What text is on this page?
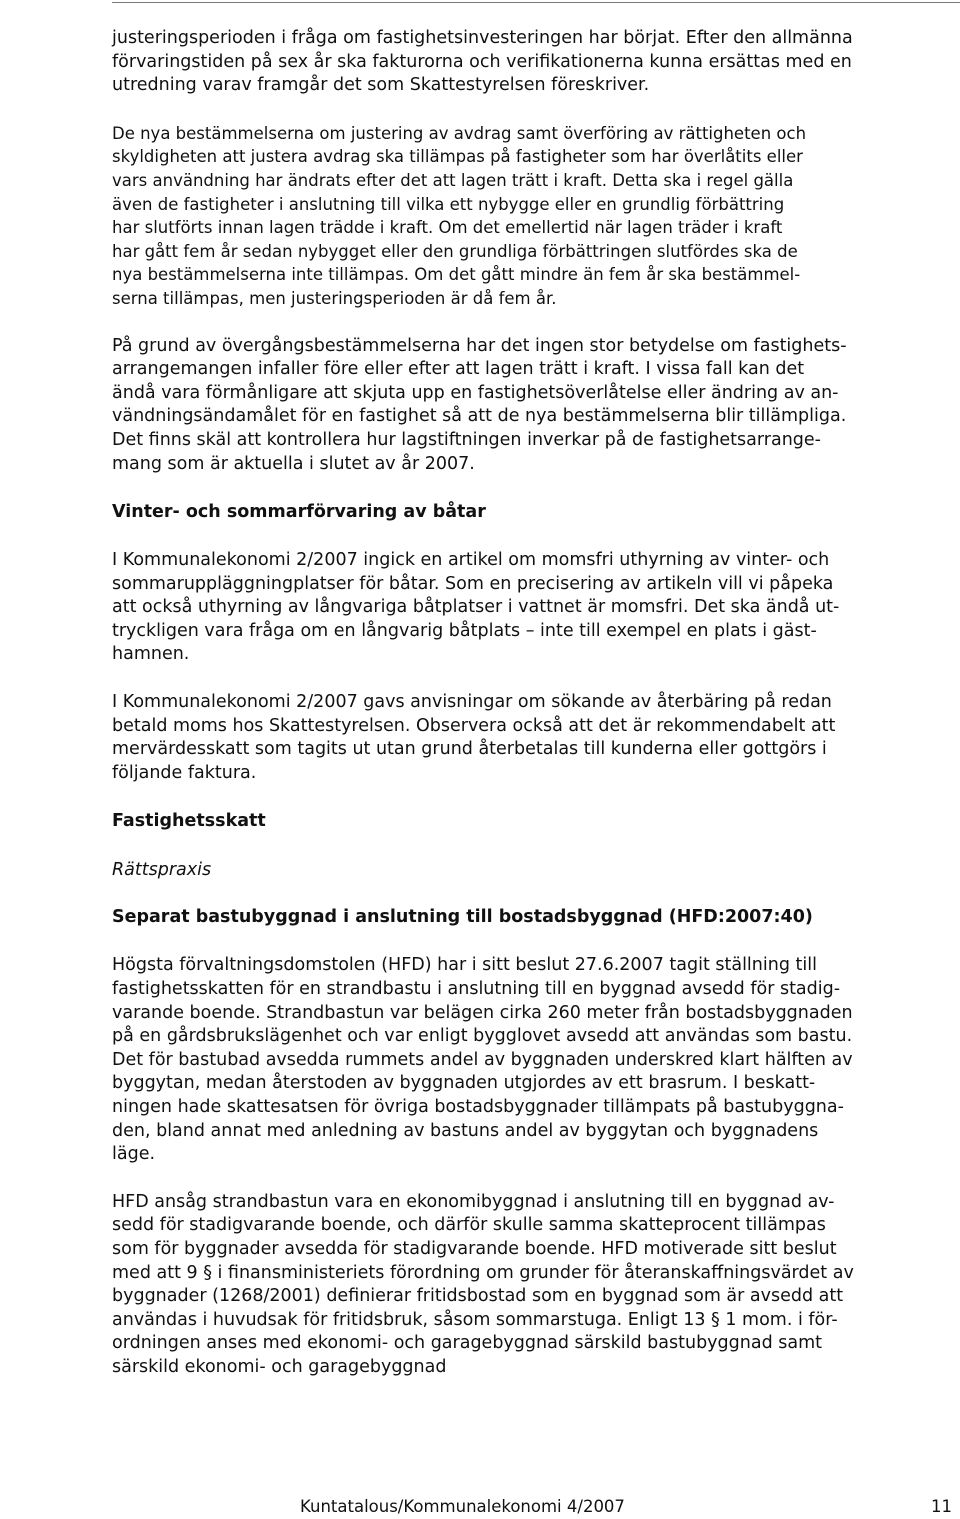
justeringsperioden i fråga om fastighetsinvesteringen har börjat. Efter den allmänna
förvaringstiden på sex år ska fakturorna och verifikationerna kunna ersättas med en
utredning varav framgår det som Skattestyrelsen föreskriver.

De nya bestämmelserna om justering av avdrag samt överföring av rättigheten och
skyldigheten att justera avdrag ska tillämpas på fastigheter som har överlåtits eller
vars användning har ändrats efter det att lagen trätt i kraft. Detta ska i regel gälla
även de fastigheter i anslutning till vilka ett nybygge eller en grundlig förbättring
har slutförts innan lagen trädde i kraft. Om det emellertid när lagen träder i kraft
har gått fem år sedan nybygget eller den grundliga förbättringen slutfördes ska de
nya bestämmelserna inte tillämpas. Om det gått mindre än fem år ska bestämmel-
serna tillämpas, men justeringsperioden är då fem år.

På grund av övergångsbestämmelserna har det ingen stor betydelse om fastighets-
arrangemangen infaller före eller efter att lagen trätt i kraft. I vissa fall kan det
ändå vara förmånligare att skjuta upp en fastighetsöverlåtelse eller ändring av an-
vändningsändamålet för en fastighet så att de nya bestämmelserna blir tillämpliga.
Det finns skäl att kontrollera hur lagstiftningen inverkar på de fastighetsarrange-
mang som är aktuella i slutet av år 2007.

Vinter- och sommarförvaring av båtar

I Kommunalekonomi 2/2007 ingick en artikel om momsfri uthyrning av vinter- och
sommaruppläggningplatser för båtar. Som en precisering av artikeln vill vi påpeka
att också uthyrning av långvariga båtplatser i vattnet är momsfri. Det ska ändå ut-
tryckligen vara fråga om en långvarig båtplats – inte till exempel en plats i gäst-
hamnen.

I Kommunalekonomi 2/2007 gavs anvisningar om sökande av återbäring på redan
betald moms hos Skattestyrelsen. Observera också att det är rekommendabelt att
mervärdesskatt som tagits ut utan grund återbetalas till kunderna eller gottgörs i
följande faktura.

Fastighetsskatt
Rättspraxis
Separat bastubyggnad i anslutning till bostadsbyggnad (HFD:2007:40)

Högsta förvaltningsdomstolen (HFD) har i sitt beslut 27.6.2007 tagit ställning till
fastighetsskatten för en strandbastu i anslutning till en byggnad avsedd för stadig-
varande boende. Strandbastun var belägen cirka 260 meter från bostadsbyggnaden
på en gårdsbrukslägenhet och var enligt bygglovet avsedd att användas som bastu.
Det för bastubad avsedda rummets andel av byggnaden underskred klart hälften av
byggytan, medan återstoden av byggnaden utgjordes av ett brasrum. I beskatt-
ningen hade skattesatsen för övriga bostadsbyggnader tillämpats på bastubyggna-
den, bland annat med anledning av bastuns andel av byggytan och byggnadens
läge.

HFD ansåg strandbastun vara en ekonomibyggnad i anslutning till en byggnad av-
sedd för stadigvarande boende, och därför skulle samma skatteprocent tillämpas
som för byggnader avsedda för stadigvarande boende. HFD motiverade sitt beslut
med att 9 § i finansministeriets förordning om grunder för återanskaffningsvärdet av
byggnader (1268/2001) definierar fritidsbostad som en byggnad som är avsedd att
användas i huvudsak för fritidsbruk, såsom sommarstuga. Enligt 13 § 1 mom. i för-
ordningen anses med ekonomi- och garagebyggnad särskild bastubyggnad samt
särskild ekonomi- och garagebyggnad

Kuntatalous/Kommunalekonomi 4/2007	11
